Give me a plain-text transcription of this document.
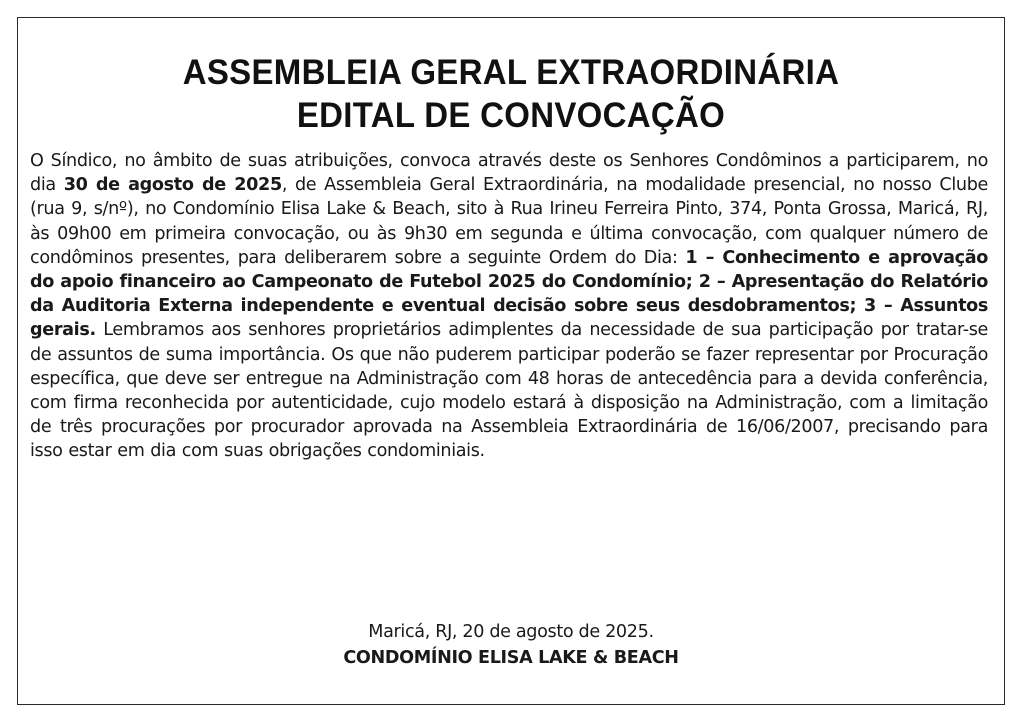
ASSEMBLEIA GERAL EXTRAORDINÁRIA
EDITAL DE CONVOCAÇÃO
O Síndico, no âmbito de suas atribuições, convoca através deste os Senhores Condôminos a participarem, no dia 30 de agosto de 2025, de Assembleia Geral Extraordinária, na modalidade presencial, no nosso Clube (rua 9, s/nº), no Condomínio Elisa Lake & Beach, sito à Rua Irineu Ferreira Pinto, 374, Ponta Grossa, Maricá, RJ, às 09h00 em primeira convocação, ou às 9h30 em segunda e última convocação, com qualquer número de condôminos presentes, para deliberarem sobre a seguinte Ordem do Dia: 1 – Conhecimento e aprovação do apoio financeiro ao Campeonato de Futebol 2025 do Condomínio; 2 – Apresentação do Relatório da Auditoria Externa independente e eventual decisão sobre seus desdobramentos; 3 – Assuntos gerais. Lembramos aos senhores proprietários adimplentes da necessidade de sua participação por tratar-se de assuntos de suma importância. Os que não puderem participar poderão se fazer representar por Procuração específica, que deve ser entregue na Administração com 48 horas de antecedência para a devida conferência, com firma reconhecida por autenticidade, cujo modelo estará à disposição na Administração, com a limitação de três procurações por procurador aprovada na Assembleia Extraordinária de 16/06/2007, precisando para isso estar em dia com suas obrigações condominiais.
Maricá, RJ, 20 de agosto de 2025.
CONDOMÍNIO ELISA LAKE & BEACH
